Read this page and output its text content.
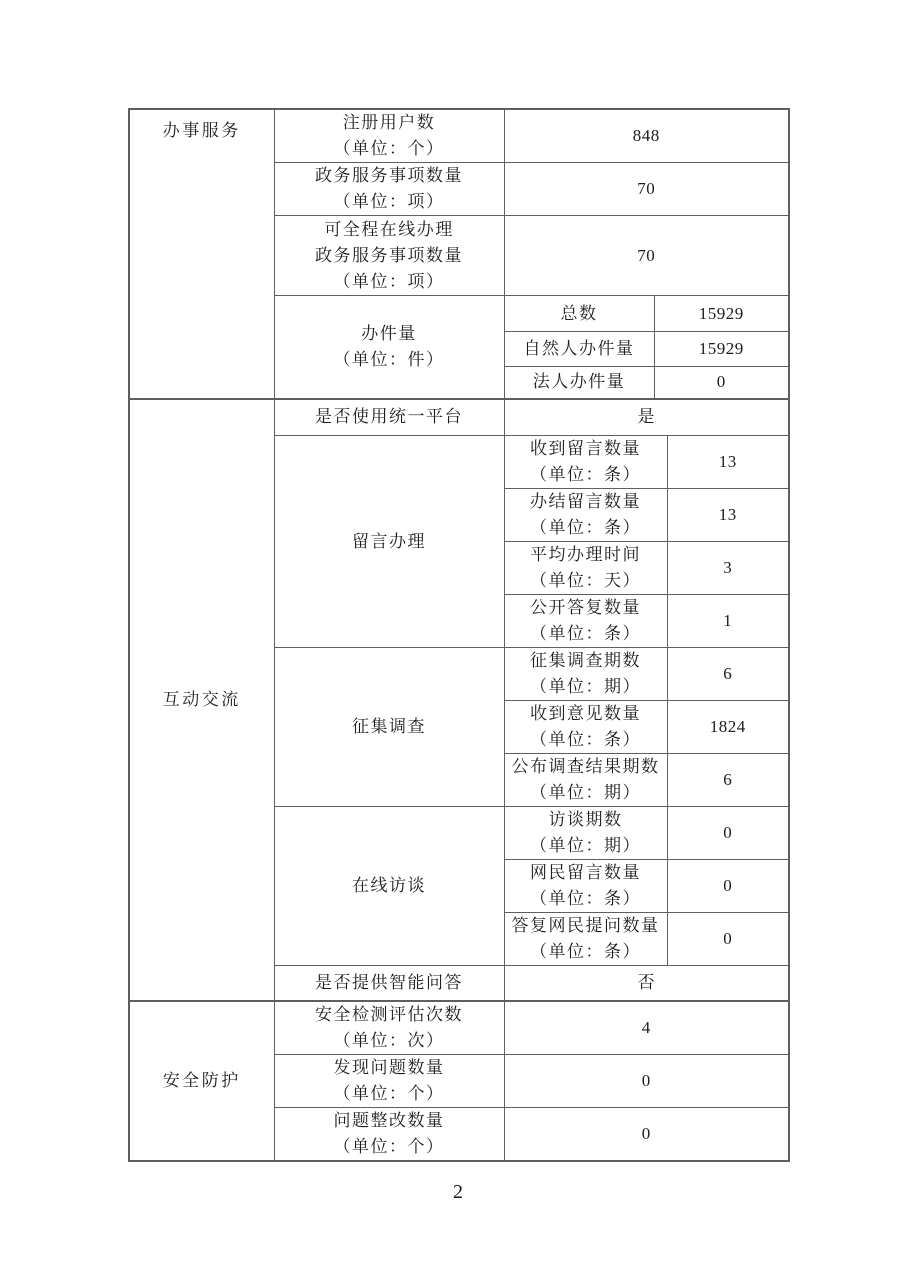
办事服务	注册用户数
（单位：个）	848		

	政务服务事项数量
（单位：项）	70		

	可全程在线办理
政务服务事项数量
（单位：项）	70		

	办件量
（单位：件）	总数	15929	
		自然人办件量	15929	
		法人办件量	0	
互动交流	是否使用统一平台	是		
	留言办理	收到留言数量
（单位：条）		13

		办结留言数量
（单位：条）		13

		平均办理时间
（单位：天）		3

		公开答复数量
（单位：条）		1
	征集调查	征集调查期数
（单位：期）		6

		收到意见数量
（单位：条）		1824

		公布调查结果期数
（单位：期）		6
	在线访谈	访谈期数
（单位：期）		0

		网民留言数量
（单位：条）		0

		答复网民提问数量
（单位：条）		0
	是否提供智能问答	否		
安全防护	安全检测评估次数
（单位：次）	4		

	发现问题数量
（单位：个）	0		

	问题整改数量
（单位：个）	0		
2
